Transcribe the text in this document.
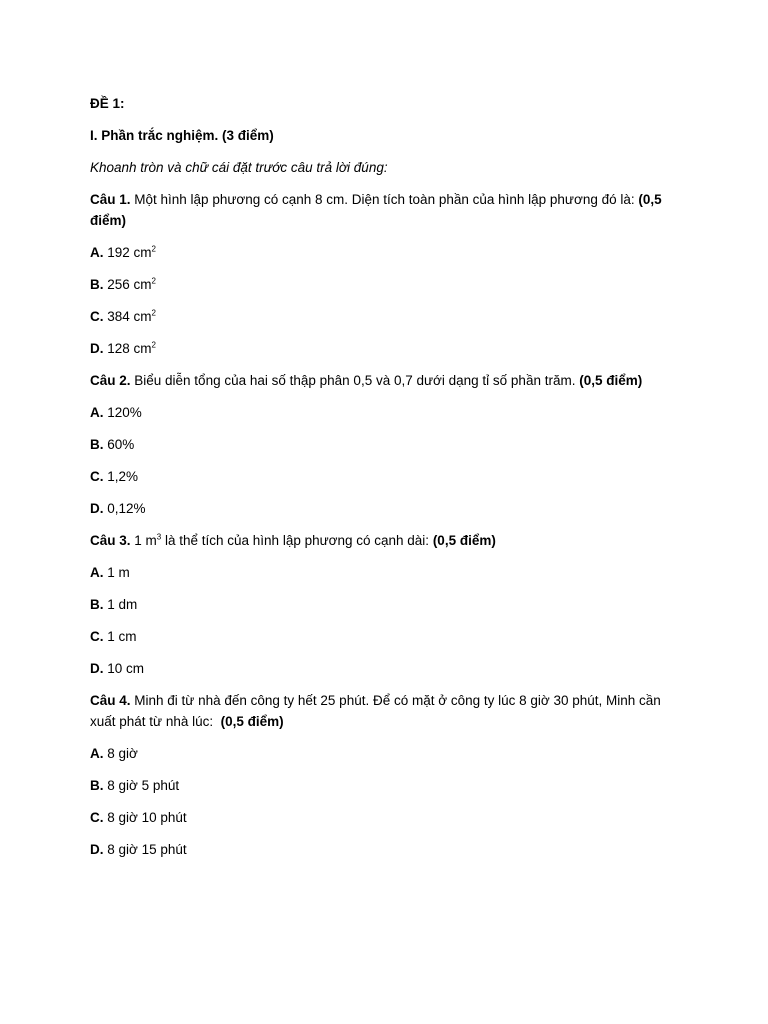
ĐỀ 1:
I. Phần trắc nghiệm. (3 điểm)
Khoanh tròn và chữ cái đặt trước câu trả lời đúng:
Câu 1. Một hình lập phương có cạnh 8 cm. Diện tích toàn phần của hình lập phương đó là: (0,5 điểm)
A. 192 $cm^2$
B. 256 $cm^2$
C. 384 $cm^2$
D. 128 $cm^2$
Câu 2. Biểu diễn tổng của hai số thập phân 0,5 và 0,7 dưới dạng tỉ số phần trăm. (0,5 điểm)
A. 120%
B. 60%
C. 1,2%
D. 0,12%
Câu 3. 1 $m^3$ là thể tích của hình lập phương có cạnh dài: (0,5 điểm)
A. 1 m
B. 1 dm
C. 1 cm
D. 10 cm
Câu 4. Minh đi từ nhà đến công ty hết 25 phút. Để có mặt ở công ty lúc 8 giờ 30 phút, Minh cần xuất phát từ nhà lúc:  (0,5 điểm)
A. 8 giờ
B. 8 giờ 5 phút
C. 8 giờ 10 phút
D. 8 giờ 15 phút
